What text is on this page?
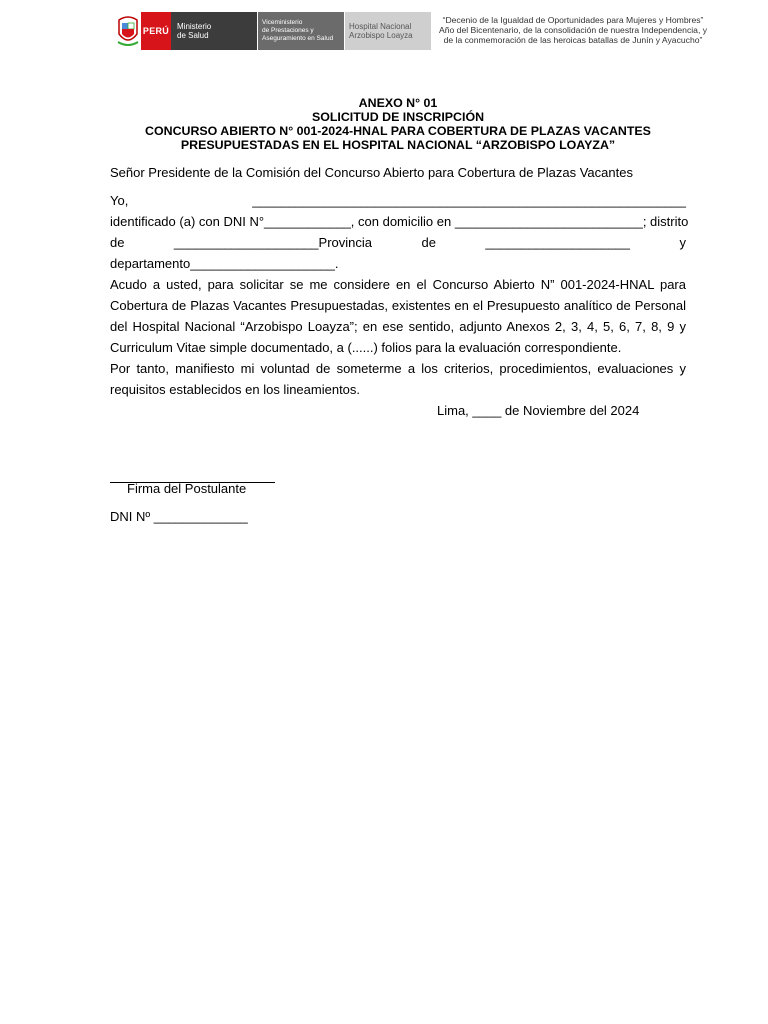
PERÚ Ministerio
de Salud
Viceministerio
de Prestaciones y
Aseguramiento en Salud
Hospital Nacional
Arzobispo Loayza
“Decenio de la Igualdad de Oportunidades para Mujeres y Hombres”
Año del Bicentenario, de la consolidación de nuestra Independencia, y
de la conmemoración de las heroicas batallas de Junín y Ayacucho”
ANEXO N° 01
SOLICITUD DE INSCRIPCIÓN
CONCURSO ABIERTO N° 001-2024-HNAL PARA COBERTURA DE PLAZAS VACANTES
PRESUPUESTADAS EN EL HOSPITAL NACIONAL “ARZOBISPO LOAYZA”
Señor Presidente de la Comisión del Concurso Abierto para Cobertura de Plazas Vacantes
Yo, ____________________________________________________________
identificado (a) con DNI N°____________, con domicilio en __________________________; distrito
de ____________________Provincia de ____________________ y
departamento____________________.
Acudo a usted, para solicitar se me considere en el Concurso Abierto N” 001-2024-HNAL para
Cobertura de Plazas Vacantes Presupuestadas, existentes en el Presupuesto analítico de Personal
del Hospital Nacional “Arzobispo Loayza”; en ese sentido, adjunto Anexos 2, 3, 4, 5, 6, 7, 8, 9 y
Curriculum Vitae simple documentado, a (......) folios para la evaluación correspondiente.
Por tanto, manifiesto mi voluntad de someterme a los criterios, procedimientos, evaluaciones y
requisitos establecidos en los lineamientos.
Lima, ____ de Noviembre del 2024
Firma del Postulante
DNI Nº _____________
